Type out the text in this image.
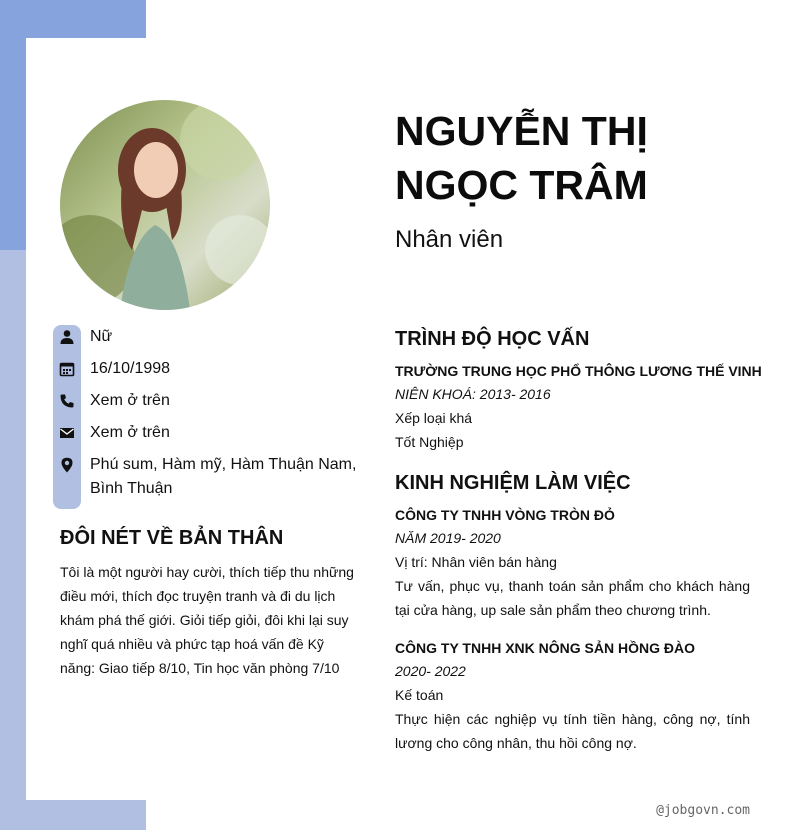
NGUYỄN THỊ
NGỌC TRÂM

Nhân viên

Nữ
16/10/1998
Xem ở trên
Xem ở trên
Phú sum, Hàm mỹ, Hàm Thuận Nam, Bình Thuận
ĐÔI NÉT VỀ BẢN THÂN

Tôi là một người hay cười, thích tiếp thu những điều mới, thích đọc truyện tranh và đi du lịch khám phá thế giới. Giỏi tiếp giỏi, đôi khi lại suy nghĩ quá nhiều và phức tạp hoá vấn đề Kỹ năng: Giao tiếp 8/10, Tin học văn phòng 7/10

TRÌNH ĐỘ HỌC VẤN

TRƯỜNG TRUNG HỌC PHỔ THÔNG LƯƠNG THẾ VINH

NIÊN KHOÁ: 2013- 2016

Xếp loại khá

Tốt Nghiệp

KINH NGHIỆM LÀM VIỆC

CÔNG TY TNHH VÒNG TRÒN ĐỎ

NĂM 2019- 2020

Vị trí: Nhân viên bán hàng

Tư vấn, phục vụ, thanh toán sản phẩm cho khách hàng tại cửa hàng, up sale sản phẩm theo chương trình.

CÔNG TY TNHH XNK NÔNG SẢN HỒNG ĐÀO

2020- 2022

Kế toán

Thực hiện các nghiệp vụ tính tiền hàng, công nợ, tính lương cho công nhân, thu hồi công nợ.

@jobgovn.com
